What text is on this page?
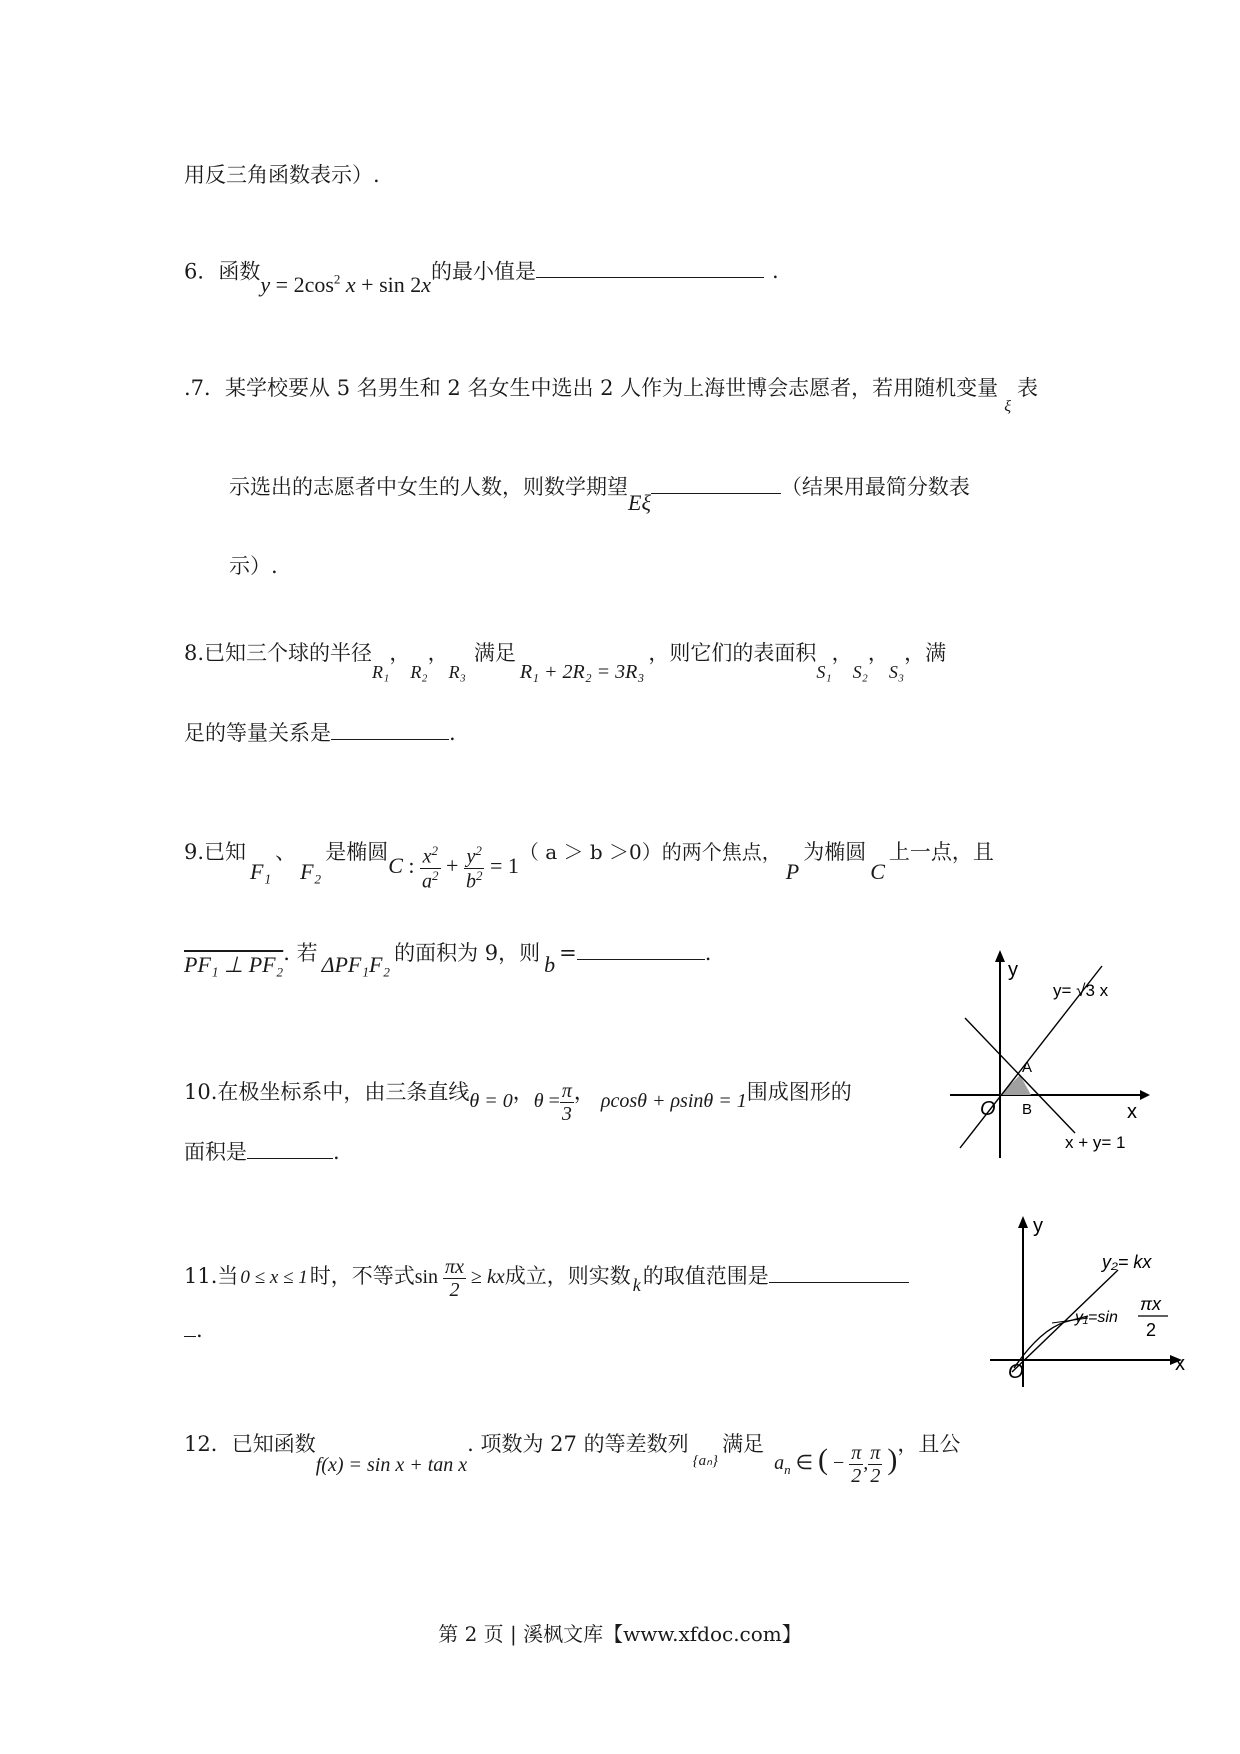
用反三角函数表示）.
6．函数$y = 2\cos^2$ x + sin 2x的最小值是	.
.7．某学校要从 5 名男生和 2 名女生中选出 2 人作为上海世博会志愿者，若用随机变量$_\xi$表
示选出的志愿者中女生的人数，则数学期望Eξ（结果用最简分数表
示）.
8.已知三个球的半径R₁，R₂，R₃满足R₁ + 2R₂ = 3R₃，则它们的表面积S₁，S₂，S₃，满
足的等量关系是	.
9.已知F₁、F₂是椭圆C : $\frac{x^2}{a^2} + \frac{y^2}{b^2} = 1$（ a ＞ b ＞0）的两个焦点，P为椭圆C上一点，且
PF₁ ⊥ PF₂. 若 ΔPF₁F₂ 的面积为 9，则 b =	.
10.在极坐标系中，由三条直线θ = 0，$\theta = \frac{\pi}{3}$ ， ρcosθ + ρsinθ = 1围成图形的
面积是	.
y
x
y= √3 x
x + y= 1
A
B
O
11.当 0 ≤ x ≤ 1时，不等式$\sin \frac{\pi x}{2}$ ≥ kx成立，则实数 k的取值范围是
.
y
x
y₂= kx
y₁=sin
πx
2
O
12．已知函数f(x) = sin x + tan x. 项数为 27 的等差数列$_{\{a_n\}}$满足$a_n$ ∈ ( − $\frac{\pi}{2}$ , $\frac{\pi}{2}$ )，且公
第 2 页 | 溪枫文库【www.xfdoc.com】
